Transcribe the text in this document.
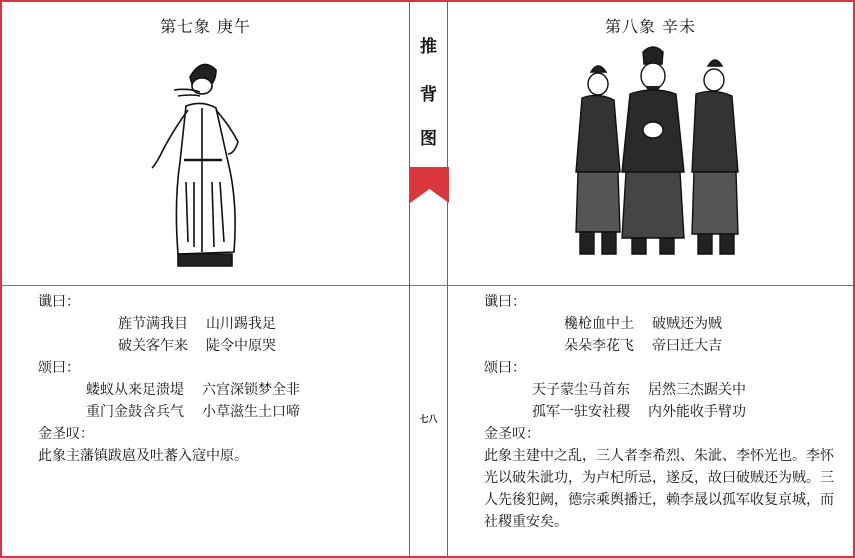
第七象 庚午
谶曰：
旌节满我目 山川踢我足
破关客乍来 陡令中原哭
颂曰：
蝼蚁从来足溃堤 六宫深锁梦全非
重门金鼓含兵气 小草滋生土口啼
金圣叹：
此象主藩镇跋扈及吐蕃入寇中原。
推
背
图
七八
第八象 辛未
谶曰：
欃枪血中土 破贼还为贼
朵朵李花飞 帝曰迁大吉
颂曰：
天子蒙尘马首东 居然三杰踞关中
孤军一驻安社稷 内外能收手臂功
金圣叹：
此象主建中之乱，三人者李希烈、朱泚、李怀光也。李怀光以破朱泚功，为卢杞所忌，遂反，故曰破贼还为贼。三人先後犯阙，德宗乘舆播迁，赖李晟以孤军收复京城，而社稷重安矣。
